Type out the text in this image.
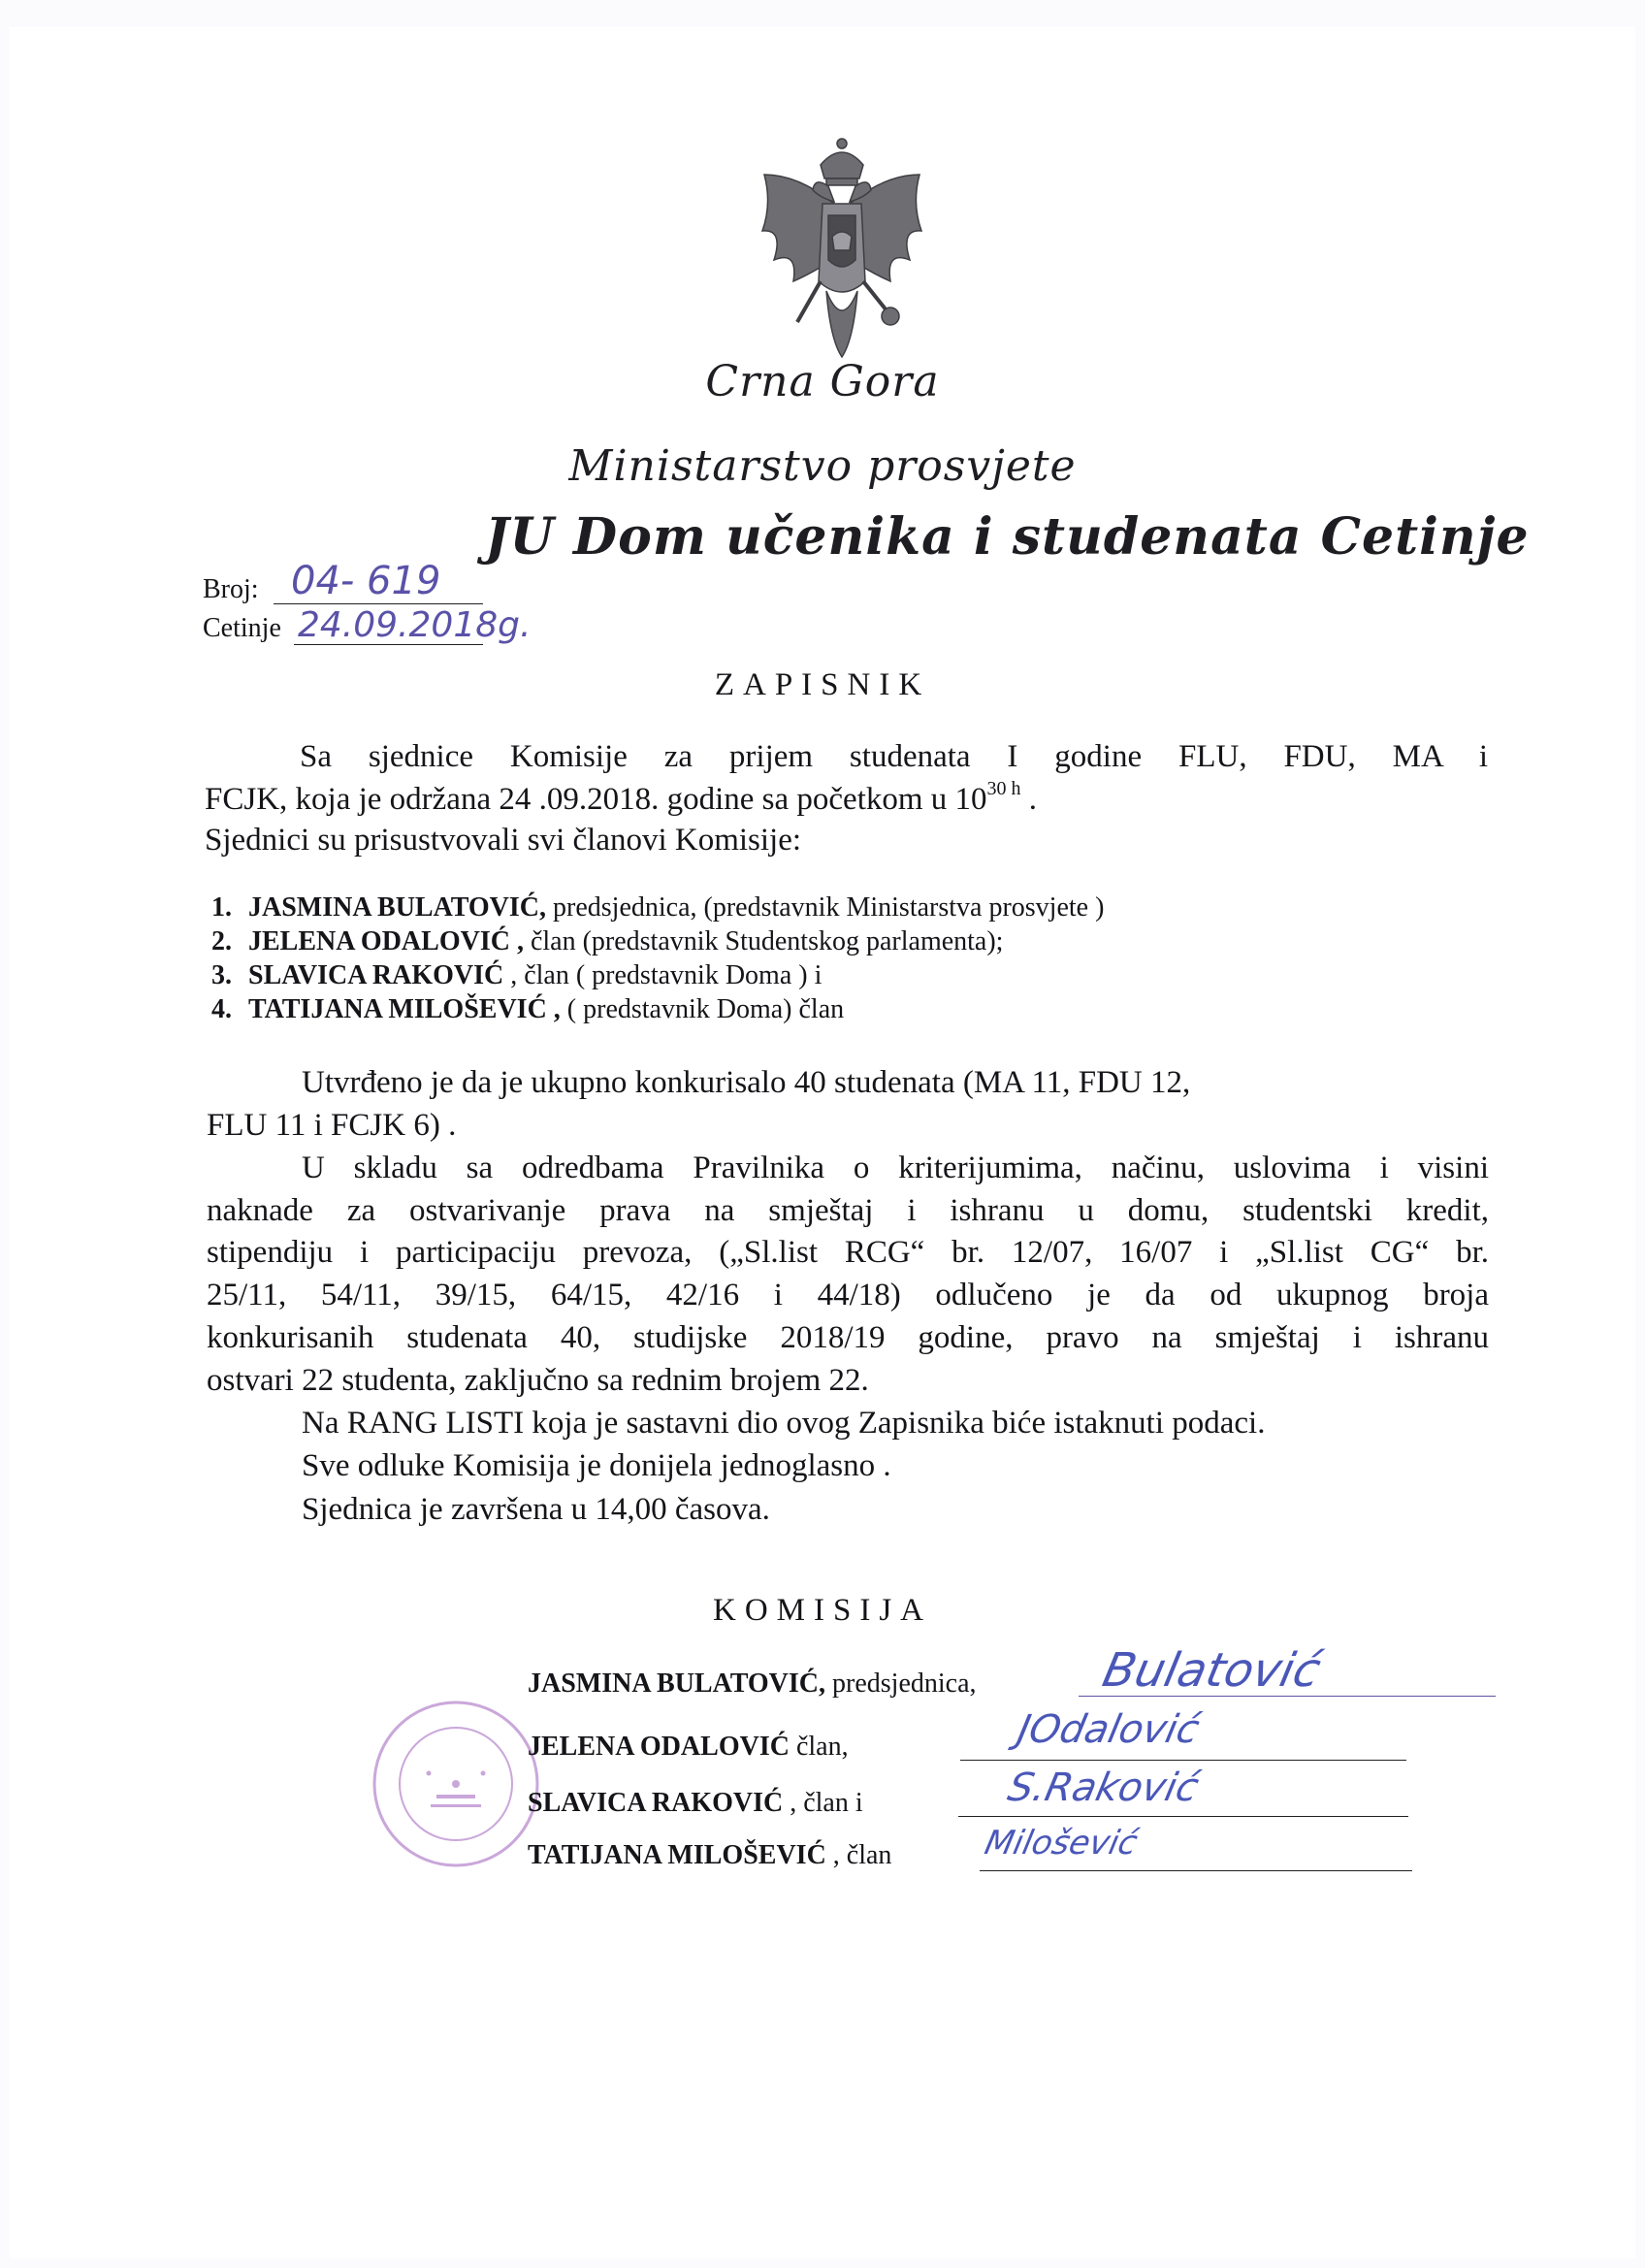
Crna Gora
Ministarstvo prosvjete
JU Dom učenika i studenata Cetinje
Broj: 04- 619
Cetinje 24.09.2018g.
ZAPISNIK
Sa sjednice Komisije za prijem studenata I godine FLU, FDU, MA i
FCJK, koja je održana 24 .09.2018. godine sa početkom u $10^{30 h}$ .
Sjednici su prisustvovali svi članovi Komisije:
1. JASMINA BULATOVIĆ, predsjednica, (predstavnik Ministarstva prosvjete )
2. JELENA ODALOVIĆ , član (predstavnik Studentskog parlamenta);
3. SLAVICA RAKOVIĆ , član ( predstavnik Doma ) i
4. TATIJANA MILOŠEVIĆ , ( predstavnik Doma) član
Utvrđeno je da je ukupno konkurisalo 40 studenata (MA 11, FDU 12,
FLU 11 i FCJK 6) .
U skladu sa odredbama Pravilnika o kriterijumima, načinu, uslovima i visini
naknade za ostvarivanje prava na smještaj i ishranu u domu, studentski kredit,
stipendiju i participaciju prevoza, („Sl.list RCG“ br. 12/07, 16/07 i „Sl.list CG“ br.
25/11, 54/11, 39/15, 64/15, 42/16 i 44/18) odlučeno je da od ukupnog broja
konkurisanih studenata 40, studijske 2018/19 godine, pravo na smještaj i ishranu
ostvari 22 studenta, zaključno sa rednim brojem 22.
Na RANG LISTI koja je sastavni dio ovog Zapisnika biće istaknuti podaci.
Sve odluke Komisija je donijela jednoglasno .
Sjednica je završena u 14,00 časova.
KOMISIJA
JASMINA BULATOVIĆ, predsjednica,	Bulatović
JELENA ODALOVIĆ član,	JOdalović
SLAVICA RAKOVIĆ , član i	S.Raković
TATIJANA MILOŠEVIĆ , član	Milošević
